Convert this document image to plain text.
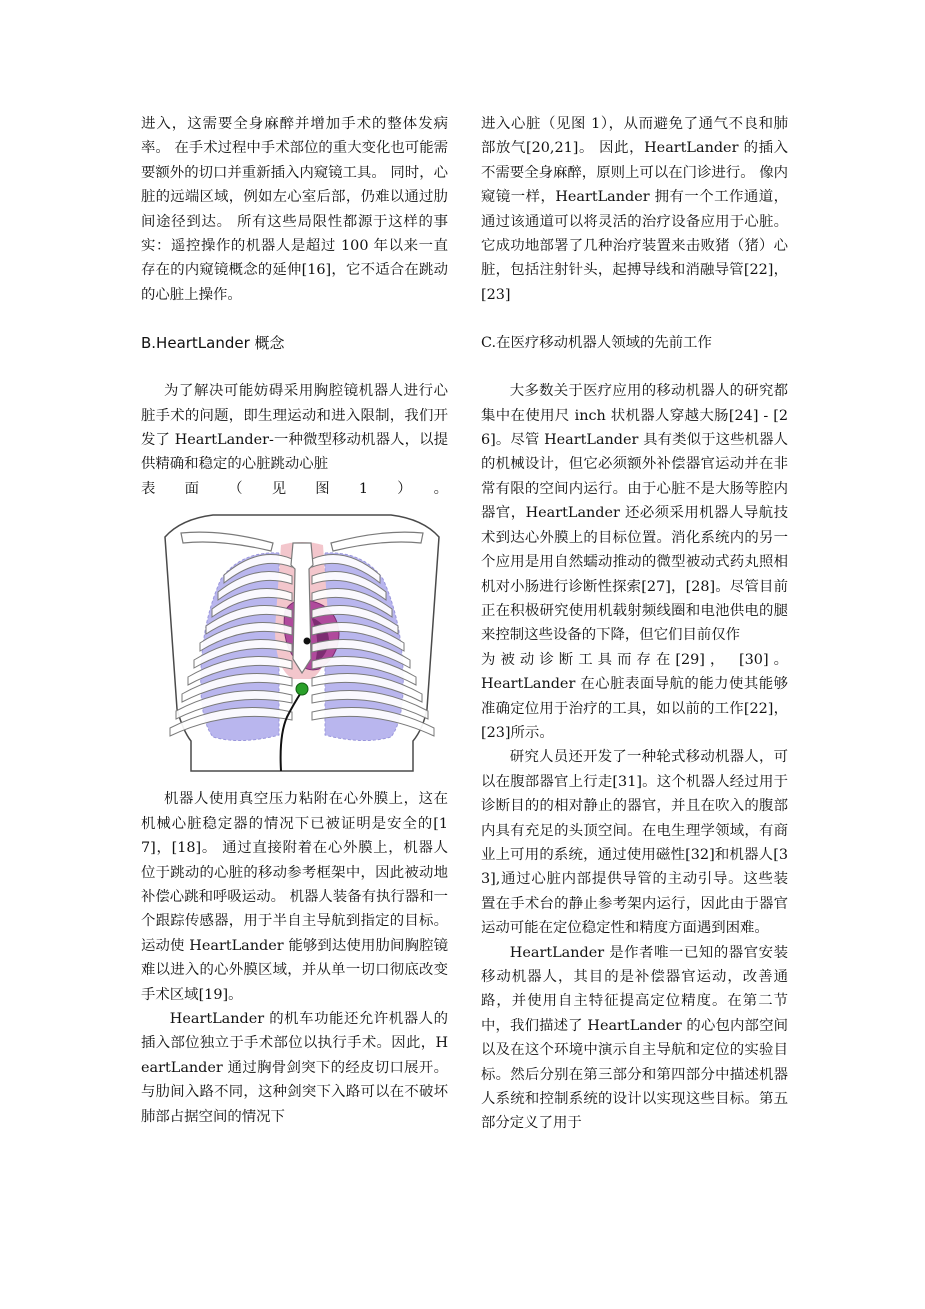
进入，这需要全身麻醉并增加手术的整体发病率。 在手术过程中手术部位的重大变化也可能需要额外的切口并重新插入内窥镜工具。 同时，心脏的远端区域，例如左心室后部，仍难以通过肋间途径到达。 所有这些局限性都源于这样的事实：遥控操作的机器人是超过 100 年以来一直存在的内窥镜概念的延伸[16]，它不适合在跳动的心脏上操作。

B.HeartLander 概念

为了解决可能妨碍采用胸腔镜机器人进行心脏手术的问题，即生理运动和进入限制，我们开发了 HeartLander-一种微型移动机器人，以提供精确和稳定的心脏跳动心脏

表面（见图1）。

机器人使用真空压力粘附在心外膜上，这在机械心脏稳定器的情况下已被证明是安全的[17]，[18]。 通过直接附着在心外膜上，机器人位于跳动的心脏的移动参考框架中，因此被动地补偿心跳和呼吸运动。 机器人装备有执行器和一个跟踪传感器，用于半自主导航到指定的目标。 运动使 HeartLander 能够到达使用肋间胸腔镜难以进入的心外膜区域，并从单一切口彻底改变手术区域[19]。

HeartLander 的机车功能还允许机器人的插入部位独立于手术部位以执行手术。因此，HeartLander 通过胸骨剑突下的经皮切口展开。 与肋间入路不同，这种剑突下入路可以在不破坏肺部占据空间的情况下

进入心脏（见图 1），从而避免了通气不良和肺部放气[20,21]。 因此，HeartLander 的插入不需要全身麻醉，原则上可以在门诊进行。 像内窥镜一样，HeartLander 拥有一个工作通道，通过该通道可以将灵活的治疗设备应用于心脏。 它成功地部署了几种治疗装置来击败猪（猪）心脏，包括注射针头，起搏导线和消融导管[22]，[23]

C.在医疗移动机器人领域的先前工作

大多数关于医疗应用的移动机器人的研究都集中在使用尺 inch 状机器人穿越大肠[24] - [26]。尽管 HeartLander 具有类似于这些机器人的机械设计，但它必须额外补偿器官运动并在非常有限的空间内运行。由于心脏不是大肠等腔内器官，HeartLander 还必须采用机器人导航技术到达心外膜上的目标位置。消化系统内的另一个应用是用自然蠕动推动的微型被动式药丸照相机对小肠进行诊断性探索[27]，[28]。尽管目前正在积极研究使用机载射频线圈和电池供电的腿来控制这些设备的下降，但它们目前仅作

为被动诊断工具而存在[29]， [30]。

HeartLander 在心脏表面导航的能力使其能够准确定位用于治疗的工具，如以前的工作[22]，[23]所示。

研究人员还开发了一种轮式移动机器人，可以在腹部器官上行走[31]。这个机器人经过用于诊断目的的相对静止的器官，并且在吹入的腹部内具有充足的头顶空间。在电生理学领域，有商业上可用的系统，通过使用磁性[32]和机器人[33],通过心脏内部提供导管的主动引导。这些装置在手术台的静止参考架内运行，因此由于器官运动可能在定位稳定性和精度方面遇到困难。

HeartLander 是作者唯一已知的器官安装移动机器人，其目的是补偿器官运动，改善通路，并使用自主特征提高定位精度。在第二节中，我们描述了 HeartLander 的心包内部空间以及在这个环境中演示自主导航和定位的实验目标。然后分别在第三部分和第四部分中描述机器人系统和控制系统的设计以实现这些目标。第五部分定义了用于
